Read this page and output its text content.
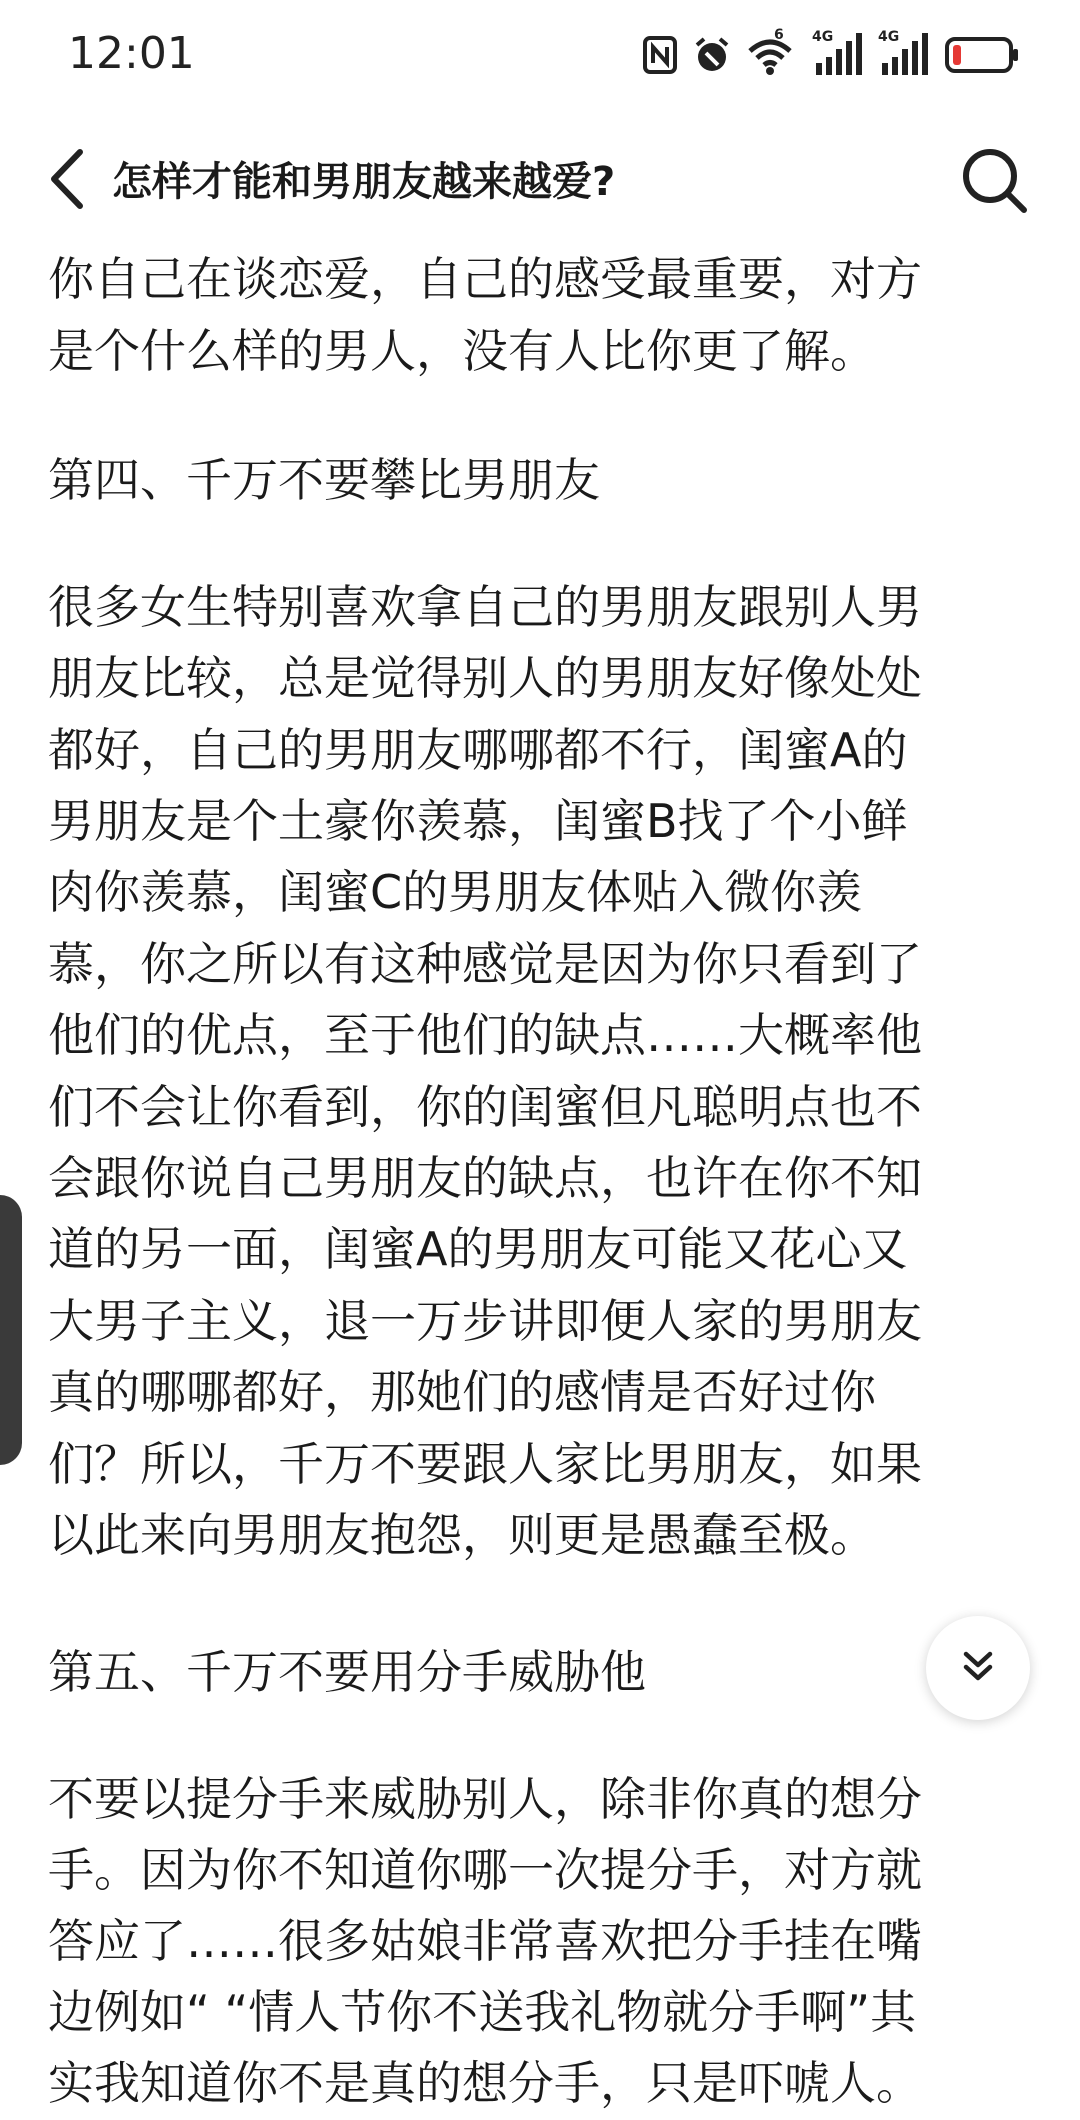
12:01	6 4G	4G
怎样才能和男朋友越来越爱?
你自己在谈恋爱，自己的感受最重要，对方
是个什么样的男人，没有人比你更了解。
第四、千万不要攀比男朋友
很多女生特别喜欢拿自己的男朋友跟别人男
朋友比较，总是觉得别人的男朋友好像处处
都好，自己的男朋友哪哪都不行，闺蜜A的
男朋友是个土豪你羡慕，闺蜜B找了个小鲜
肉你羡慕，闺蜜C的男朋友体贴入微你羡
慕，你之所以有这种感觉是因为你只看到了
他们的优点，至于他们的缺点……大概率他
们不会让你看到，你的闺蜜但凡聪明点也不
会跟你说自己男朋友的缺点，也许在你不知
道的另一面，闺蜜A的男朋友可能又花心又
大男子主义，退一万步讲即便人家的男朋友
真的哪哪都好，那她们的感情是否好过你
们？所以，千万不要跟人家比男朋友，如果
以此来向男朋友抱怨，则更是愚蠢至极。
第五、千万不要用分手威胁他
不要以提分手来威胁别人，除非你真的想分
手。因为你不知道你哪一次提分手，对方就
答应了……很多姑娘非常喜欢把分手挂在嘴
边例如“ “情人节你不送我礼物就分手啊”其
实我知道你不是真的想分手，只是吓唬人。
